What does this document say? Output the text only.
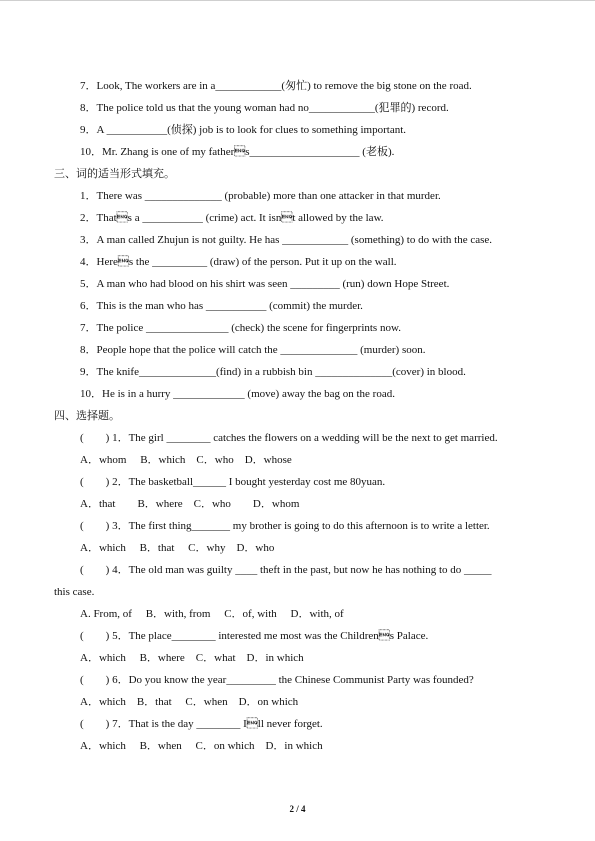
7．Look, The workers are in a____________(匆忙) to remove the big stone on the road.
8．The police told us that the young woman had no____________(犯罪的) record.
9．A ___________(侦探) job is to look for clues to something important.
10．Mr. Zhang is one of my fathers____________________ (老板).
三、词的适当形式填充。
1．There was ______________ (probable) more than one attacker in that murder.
2．Thats a ___________ (crime) act. It isnt allowed by the law.
3．A man called Zhujun is not guilty. He has ____________ (something) to do with the case.
4．Heres the __________ (draw) of the person. Put it up on the wall.
5．A man who had blood on his shirt was seen _________ (run) down Hope Street.
6．This is the man who has ___________ (commit) the murder.
7．The police _______________ (check) the scene for fingerprints now.
8．People hope that the police will catch the ______________ (murder) soon.
9．The knife______________(find) in a rubbish bin ______________(cover) in blood.
10．He is in a hurry _____________ (move) away the bag on the road.
四、选择题。
(　　) 1．The girl ________ catches the flowers on a wedding will be the next to get married.
A．whom　 B．which　C．who　D．whose
(　　) 2．The basketball______ I bought yesterday cost me 80yuan.
A．that　　B．where　C．who　　D．whom
(　　) 3．The first thing_______ my brother is going to do this afternoon is to write a letter.
A．which　 B．that　 C．why　D．who
(　　) 4．The old man was guilty ____ theft in the past, but now he has nothing to do _____
this case.
A. From, of　 B．with, from　 C．of, with　 D．with, of
(　　) 5．The place________ interested me most was the Childrens Palace.
A．which　 B．where　C．what　D．in which
(　　) 6．Do you know the year_________ the Chinese Communist Party was founded?
A．which　B．that　 C．when　D．on which
(　　) 7．That is the day ________ Ill never forget.
A．which　 B．when　 C．on which　D．in which
2 / 4
